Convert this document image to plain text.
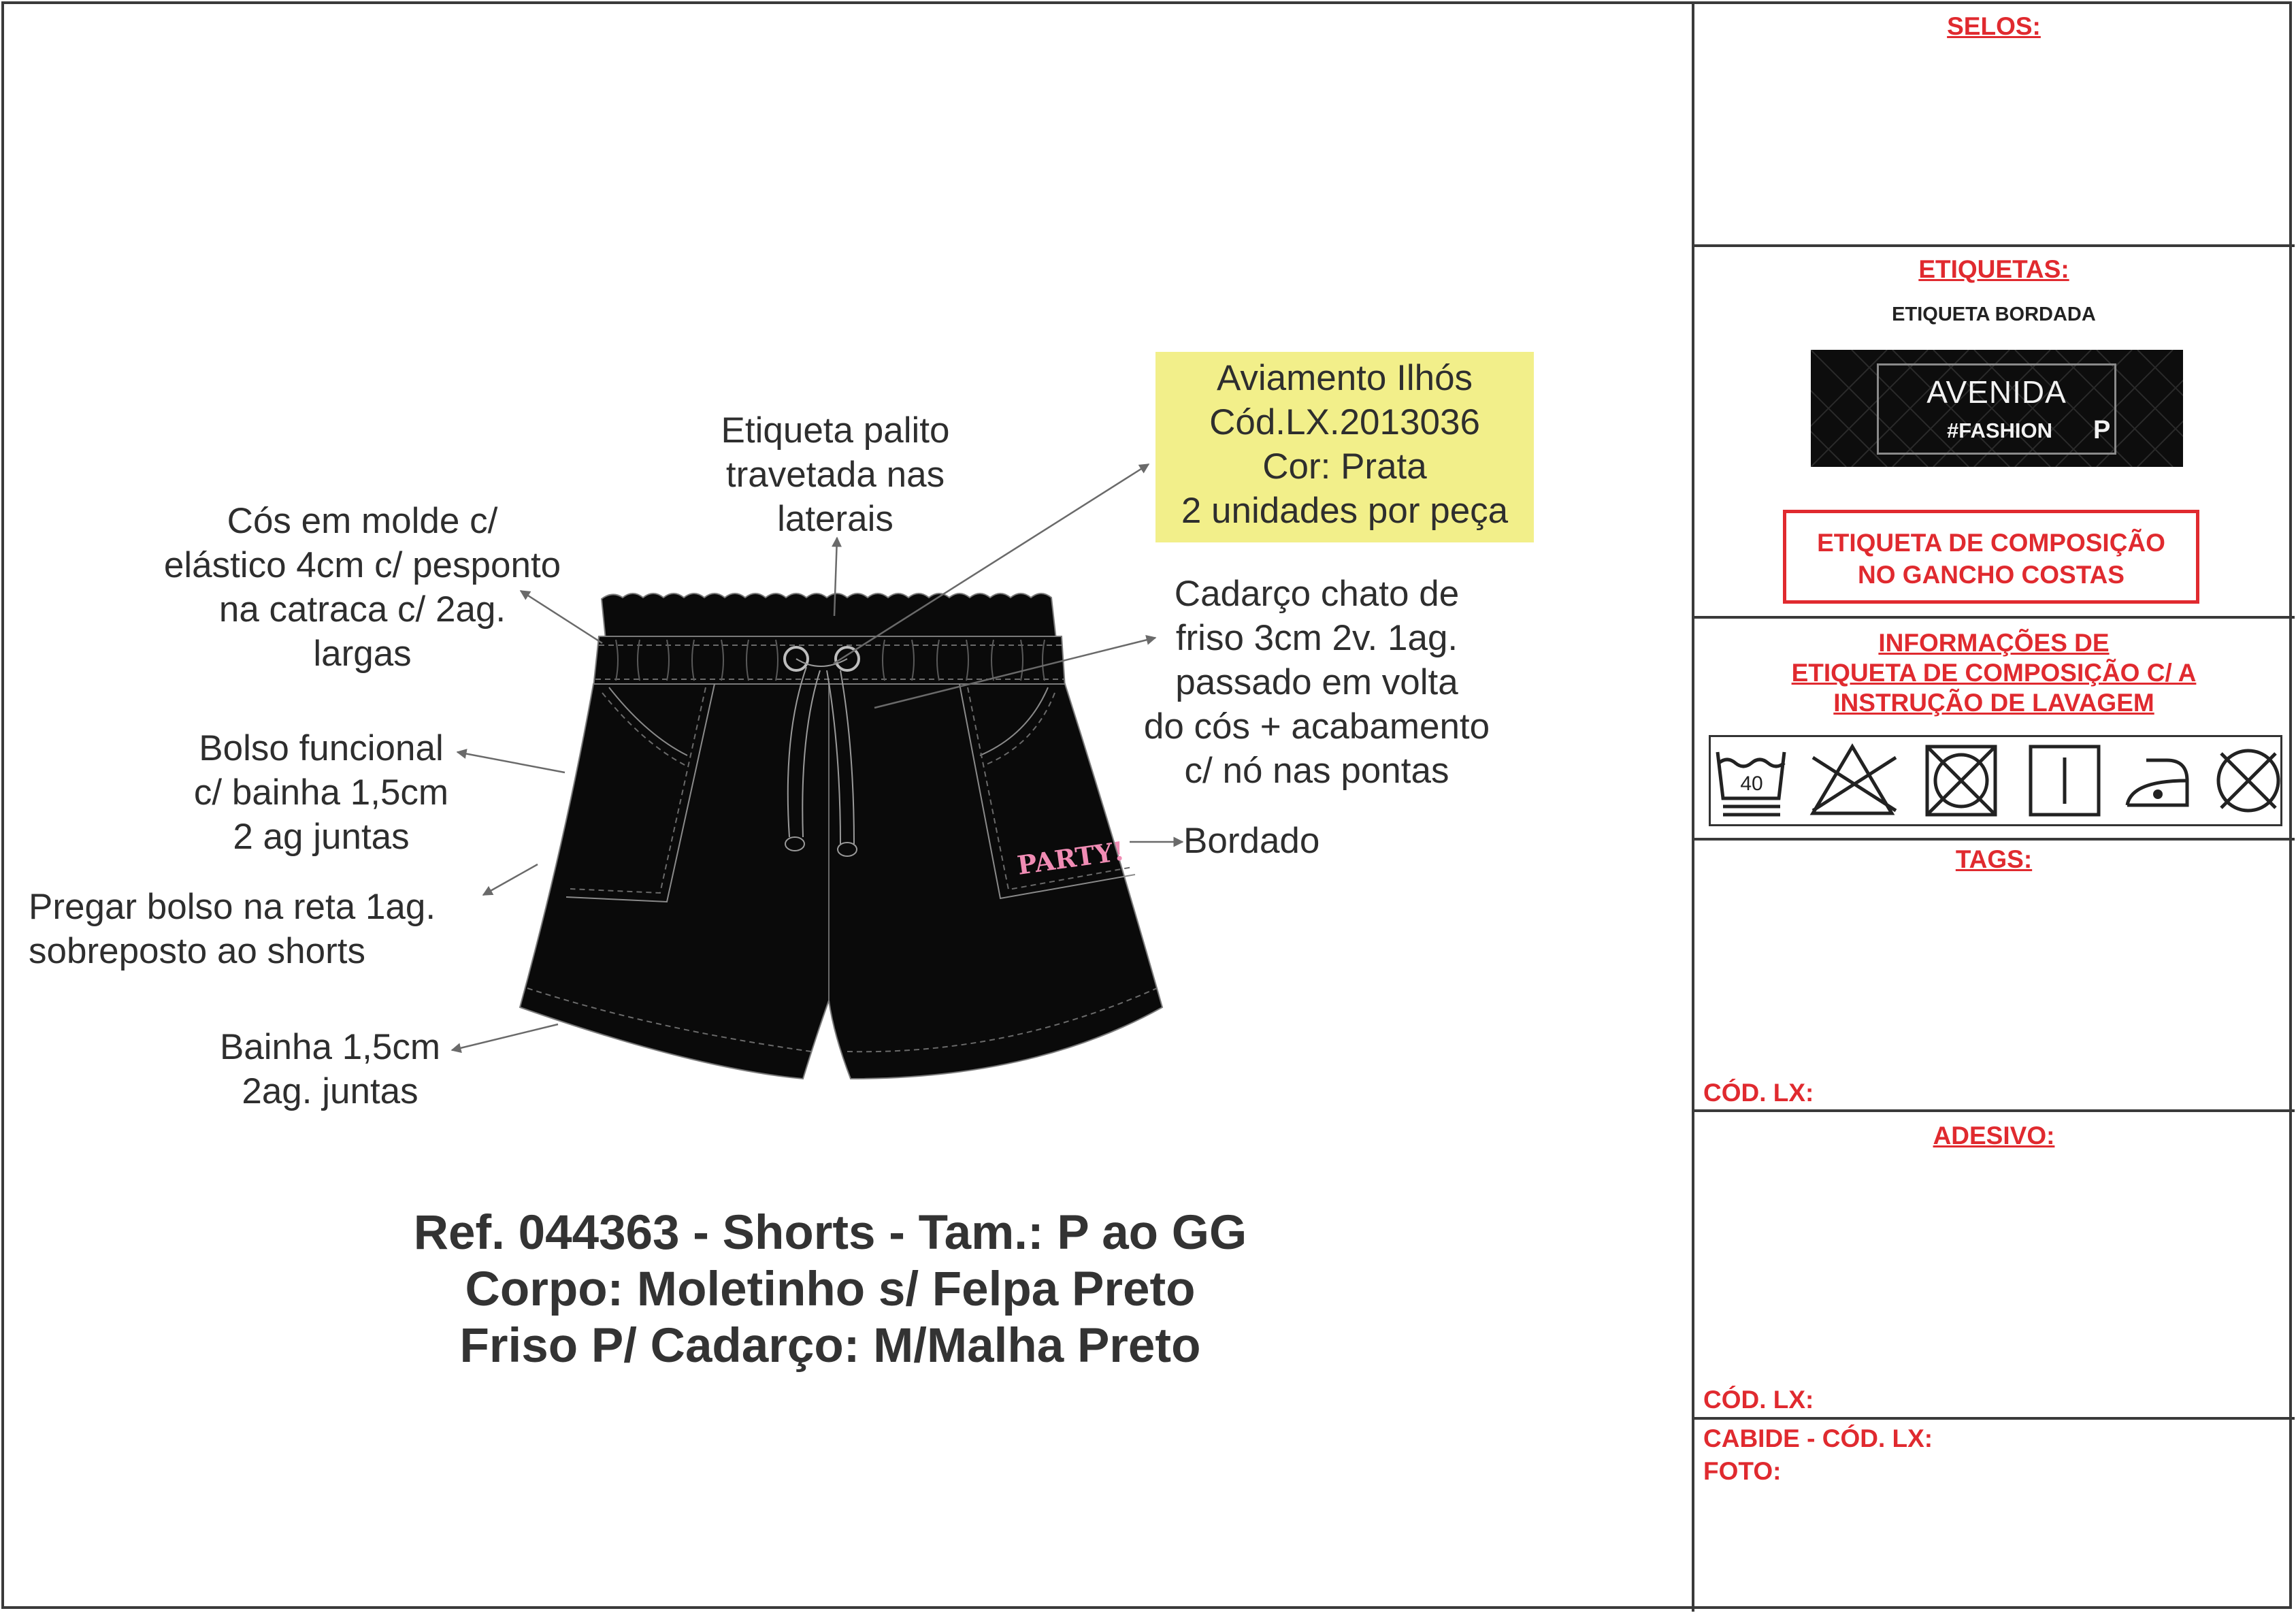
PARTY!
Cós em molde c/
elástico 4cm c/ pesponto
na catraca c/ 2ag.
largas
Etiqueta palito
travetada nas
laterais
Aviamento Ilhós
Cód.LX.2013036
Cor: Prata
2 unidades por peça
Cadarço chato de
friso 3cm 2v. 1ag.
passado em volta
do cós + acabamento
c/ nó nas pontas
Bolso funcional
c/ bainha 1,5cm
2 ag juntas
Pregar bolso na reta 1ag.
sobreposto ao shorts
Bordado
Bainha 1,5cm
2ag. juntas
Ref. 044363 - Shorts - Tam.: P ao GG
Corpo: Moletinho s/ Felpa Preto
Friso P/ Cadarço: M/Malha Preto
SELOS:
ETIQUETAS:
ETIQUETA BORDADA
AVENIDA
#FASHION P
ETIQUETA DE COMPOSIÇÃO
NO GANCHO COSTAS
INFORMAÇÕES DE
ETIQUETA DE COMPOSIÇÃO C/ A
INSTRUÇÃO DE LAVAGEM
40
TAGS:
CÓD. LX:
ADESIVO:
CÓD. LX:
CABIDE - CÓD. LX:
FOTO:
